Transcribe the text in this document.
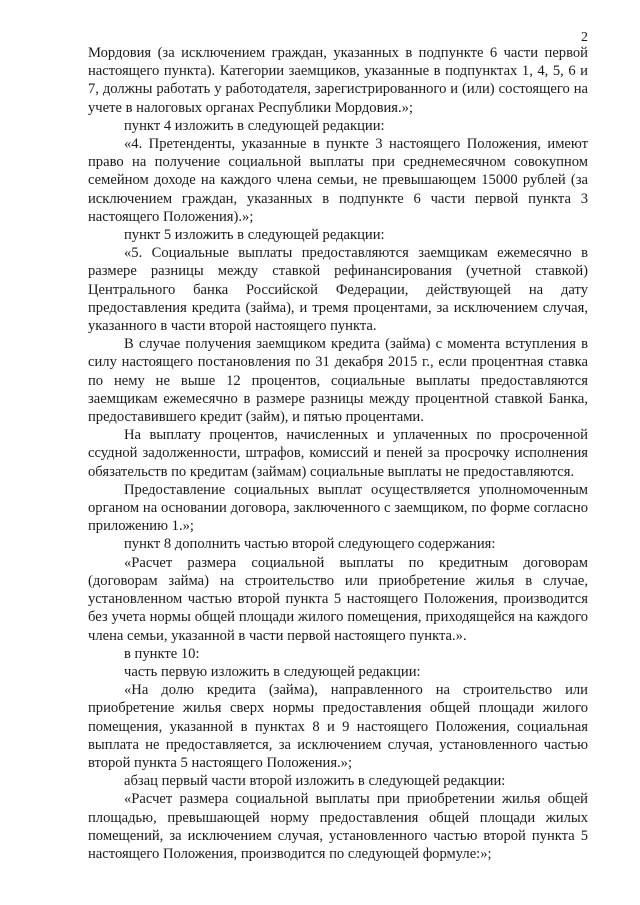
2

Мордовия (за исключением граждан, указанных в подпункте 6 части первой настоящего пункта). Категории заемщиков, указанные в подпунктах 1, 4, 5, 6 и 7, должны работать у работодателя, зарегистрированного и (или) состоящего на учете в налоговых органах Республики Мордовия.»;

пункт 4 изложить в следующей редакции:

«4. Претенденты, указанные в пункте 3 настоящего Положения, имеют право на получение социальной выплаты при среднемесячном совокупном семейном доходе на каждого члена семьи, не превышающем 15000 рублей (за исключением граждан, указанных в подпункте 6 части первой пункта 3 настоящего Положения).»;

пункт 5 изложить в следующей редакции:

«5. Социальные выплаты предоставляются заемщикам ежемесячно в размере разницы между ставкой рефинансирования (учетной ставкой) Центрального банка Российской Федерации, действующей на дату предоставления кредита (займа), и тремя процентами, за исключением случая, указанного в части второй настоящего пункта.

В случае получения заемщиком кредита (займа) с момента вступления в силу настоящего постановления по 31 декабря 2015 г., если процентная ставка по нему не выше 12 процентов, социальные выплаты предоставляются заемщикам ежемесячно в размере разницы между процентной ставкой Банка, предоставившего кредит (займ), и пятью процентами.

На выплату процентов, начисленных и уплаченных по просроченной ссудной задолженности, штрафов, комиссий и пеней за просрочку исполнения обязательств по кредитам (займам) социальные выплаты не предоставляются.

Предоставление социальных выплат осуществляется уполномоченным органом на основании договора, заключенного с заемщиком, по форме согласно приложению 1.»;

пункт 8 дополнить частью второй следующего содержания:

«Расчет размера социальной выплаты по кредитным договорам (договорам займа) на строительство или приобретение жилья в случае, установленном частью второй пункта 5 настоящего Положения, производится без учета нормы общей площади жилого помещения, приходящейся на каждого члена семьи, указанной в части первой настоящего пункта.».

в пункте 10:

часть первую изложить в следующей редакции:

«На долю кредита (займа), направленного на строительство или приобретение жилья сверх нормы предоставления общей площади жилого помещения, указанной в пунктах 8 и 9 настоящего Положения, социальная выплата не предоставляется, за исключением случая, установленного частью второй пункта 5 настоящего Положения.»;

абзац первый части второй изложить в следующей редакции:

«Расчет размера социальной выплаты при приобретении жилья общей площадью, превышающей норму предоставления общей площади жилых помещений, за исключением случая, установленного частью второй пункта 5 настоящего Положения, производится по следующей формуле:»;
